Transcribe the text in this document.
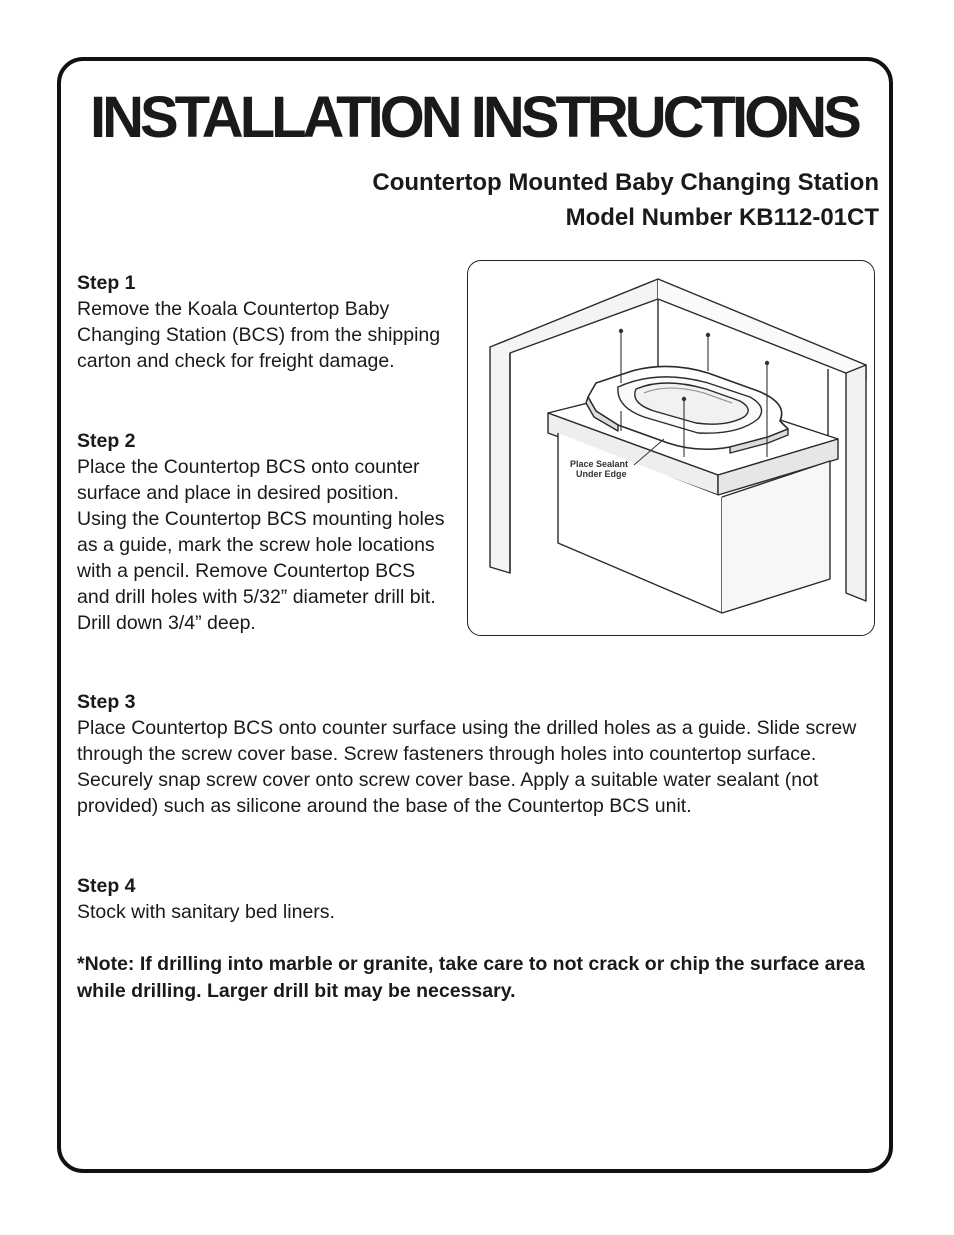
INSTALLATION INSTRUCTIONS
Countertop Mounted Baby Changing Station
Model Number KB112-01CT
Step 1

Remove the Koala Countertop Baby Changing Station (BCS) from the shipping carton and check for freight damage.

Place Sealant
Under Edge
Step 2

Place the Countertop BCS onto counter surface and place in desired position. Using the Countertop BCS mounting holes as a guide, mark the screw hole locations with a pencil. Remove Countertop BCS and drill holes with 5/32” diameter drill bit. Drill down 3/4” deep.

Step 3

Place Countertop BCS onto counter surface using the drilled holes as a guide. Slide screw through the screw cover base. Screw fasteners through holes into countertop surface. Securely snap screw cover onto screw cover base. Apply a suitable water sealant (not provided) such as silicone around the base of the Countertop BCS unit.

Step 4

Stock with sanitary bed liners.

*Note: If drilling into marble or granite, take care to not crack or chip the surface area while drilling. Larger drill bit may be necessary.
